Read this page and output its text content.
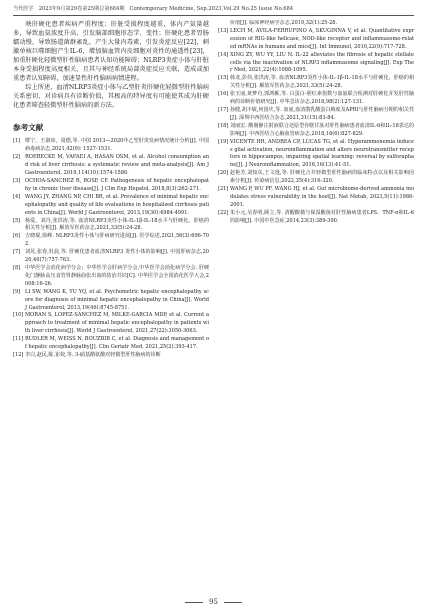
当代医学　2023年9月第29卷第25期总第684期　Contemporary Medicine, Sep.2023,Vol.29 No.25 Issue No.684

映肝硬化患者疾病严重程度；肝脏受损程度越重，体内产氨量越多，导致血氨浓度升高，引发脑部细胞形态学、变性；肝硬化患者胃肠蠕动慢，导致肠道菌群紊乱，产生大量内毒素，引发炎症反应[22]，刺激单核巨噬细胞产生IL-6，增加脑血管内皮细胞对炎性的通透性[23]，加重肝硬化轻微型肝性脑病患者认知功能障碍；NLRP3炎症小体与肝脏本身受损程度高度相关，且其与神经系统局部炎症反应关联，造成或加重患者认知障碍，加速显性肝性脑病病情进程。

综上所述，血清NLRP3炎症小体与乙型肝炎肝硬化轻微型肝性脑病关系密切，对诊病具有诊断价值，其极高的特异度有可能使其成为肝硬化患者筛查轻微型肝性脑病的新方法。

参考文献
[1] 缪宁，王淑琼，周德,等. 中国 2013—2020年乙型肝炎发病情况统计分析[J]. 中国病毒病杂志,2021,42(9): 1527-1531.
[2] ROERECKE M, VAFAEI A, HASAN OSM, et al. Alcohol consumption and risk of liver cirrhosis: a systematic review and meta-analysis[J]. Am J Gastroenterol, 2019,114(10):1574-1586.
[3] OCHOA-SANCHEZ R, ROSE CF. Pathogenesis of hepatic encephalopathy in chronic liver disease[J]. J Clin Exp Hepatol, 2018,8(3):262-271.
[4] WANG JY, ZHANG NP, CHI BR, et al. Prevalence of minimal hepatic encephalopathy and quality of life evaluations in hospitalized cirrhosis patients in China[J]. World J Gastroenterol, 2013,19(30):4984-4991.
[5] 杨爱，刘丹,张洪涛,等. 血清NLRP3炎性小体-IL-1β-IL-18水平与肝硬化、肝癌的相关性分析[J]. 解放军医药杂志,2021,33(5):24-28.
[6] 吉晓琨,徐峰. NLRP3炎性小体与肝病研究进展[J]. 医学综述,2021,56(3):696-702.
[7] 刘晃,张春,杜晨,等. 肝硬化患者血清NLRP3 炎性小体的影响[J]. 中国肝病杂志,2020,40(7):757-763.
[8] 中华医学会消化病学分会；中华医学会肝病学分会,中华医学会消化病学分会. 肝硬化门静脉高压食管胃静脉曲张出血的防治共识[C]. 中华医学会全国消化医学大会,2008:16-26.
[9] LI SW, WANG K, YU YQ, et al. Psychometric hepatic encephalopathy score for diagnosis of minimal hepatic encephalopathy in China[J]. World J Gastroenterol, 2013,19(46):8745-8751.
[10] MORAN S, LOPEZ-SANCHEZ M, MILKE-GARCIA MDP, et al. Current approach to treatment of minimal hepatic encephalopathy in patients with liver cirrhosis[J]. World J Gastroenterol, 2021,27(22):3050-3063.
[11] RUDLER M, WEISS N, BOUZBIB C, et al. Diagnosis and management of hepatic encephalopathy[J]. Clin Geriatr Med, 2021,25(2):393-417.
[12] 李白,赵民,陈,崔姣,等. 3-硝基酪氨酸对轻微型肝性脑病的诊断
价值[J]. 临床神经病学杂志,2019,32(1):25-28.
[13] LECH M, AVILA-FERRUFINO A, SKUGINNA V, et al. Quantitative expression of RIG-like helicase, NOD-like receptor and inflammasome-related mRNAs in humans and mice[J]. Int Immunol, 2010,22(9):717-728.
[14] XING ZY, WU YY, LIU N. IL-22 alleviates the fibrosis of hepatic stellate cells via the inactivation of NLRP3 inflammasome signaling[J]. Exp Ther Med, 2021,22(4):1088-1095.
[15] 韩龙,彭伟,张洪涛,等. 血清NLRP3炎性小体-IL-1β-IL-18水平与肝硬化、肝癌的相关性分析[J]. 解放军医药杂志,2021,33(5):24-28.
[16] 张玉丽,黄梦丹,郭鸿雁,等. 白蛋白-胆红素指数与血氨联合检测对肝硬化并发肝性脑病的诊断价值研究[J]. 中华急诊杂志,2018,98(2):127-131.
[17] 孙健,胡丰敏,何国庆,等. 血氨,血清散乳酸蛋白梅度及APRI与肝性脑病分期的相关性[J]. 深圳中西医结合杂志,2021,31(15):83-84.
[18] 刘丽宏. 酸肠静注射液联合还原型谷胱甘肽对肝性脑病患者血清IL-6和IL-18表达的影响[J]. 中西医结合心脑血管病杂志,2018,16(6):827-829.
[19] VICENTE HR, ANDREA CP, LUCAS TG, et al. Hyperammonemia induces glial activation, neuroinflammation and alters neurotransmitter receptors in hippocampus, impairing spatial learning: reversal by sulforaphane[J]. J Neuroinflammation, 2016,16(13):41-51.
[20] 赵艳芳,刘知东,王文逸,等. 肝硬化合并轻微型肝性脑病的临床特点以及相关影响因素分析[J]. 传染病信息,2022,35(4):316-320.
[21] WANG P, WU PF, WANG HJ, et al. Gut microbiome-derived ammonia modulates stress vulnerability in the host[J]. Nat Metab, 2023,5(11):1986-2001.
[22] 朱小元,吴春明,顾立,等. 清醒酸微与保湿酸菌对肝性脑病患者LPS、TNF-α和IL-6的影响[J]. 中国中医急症,2014,23(3):389-390.
95
